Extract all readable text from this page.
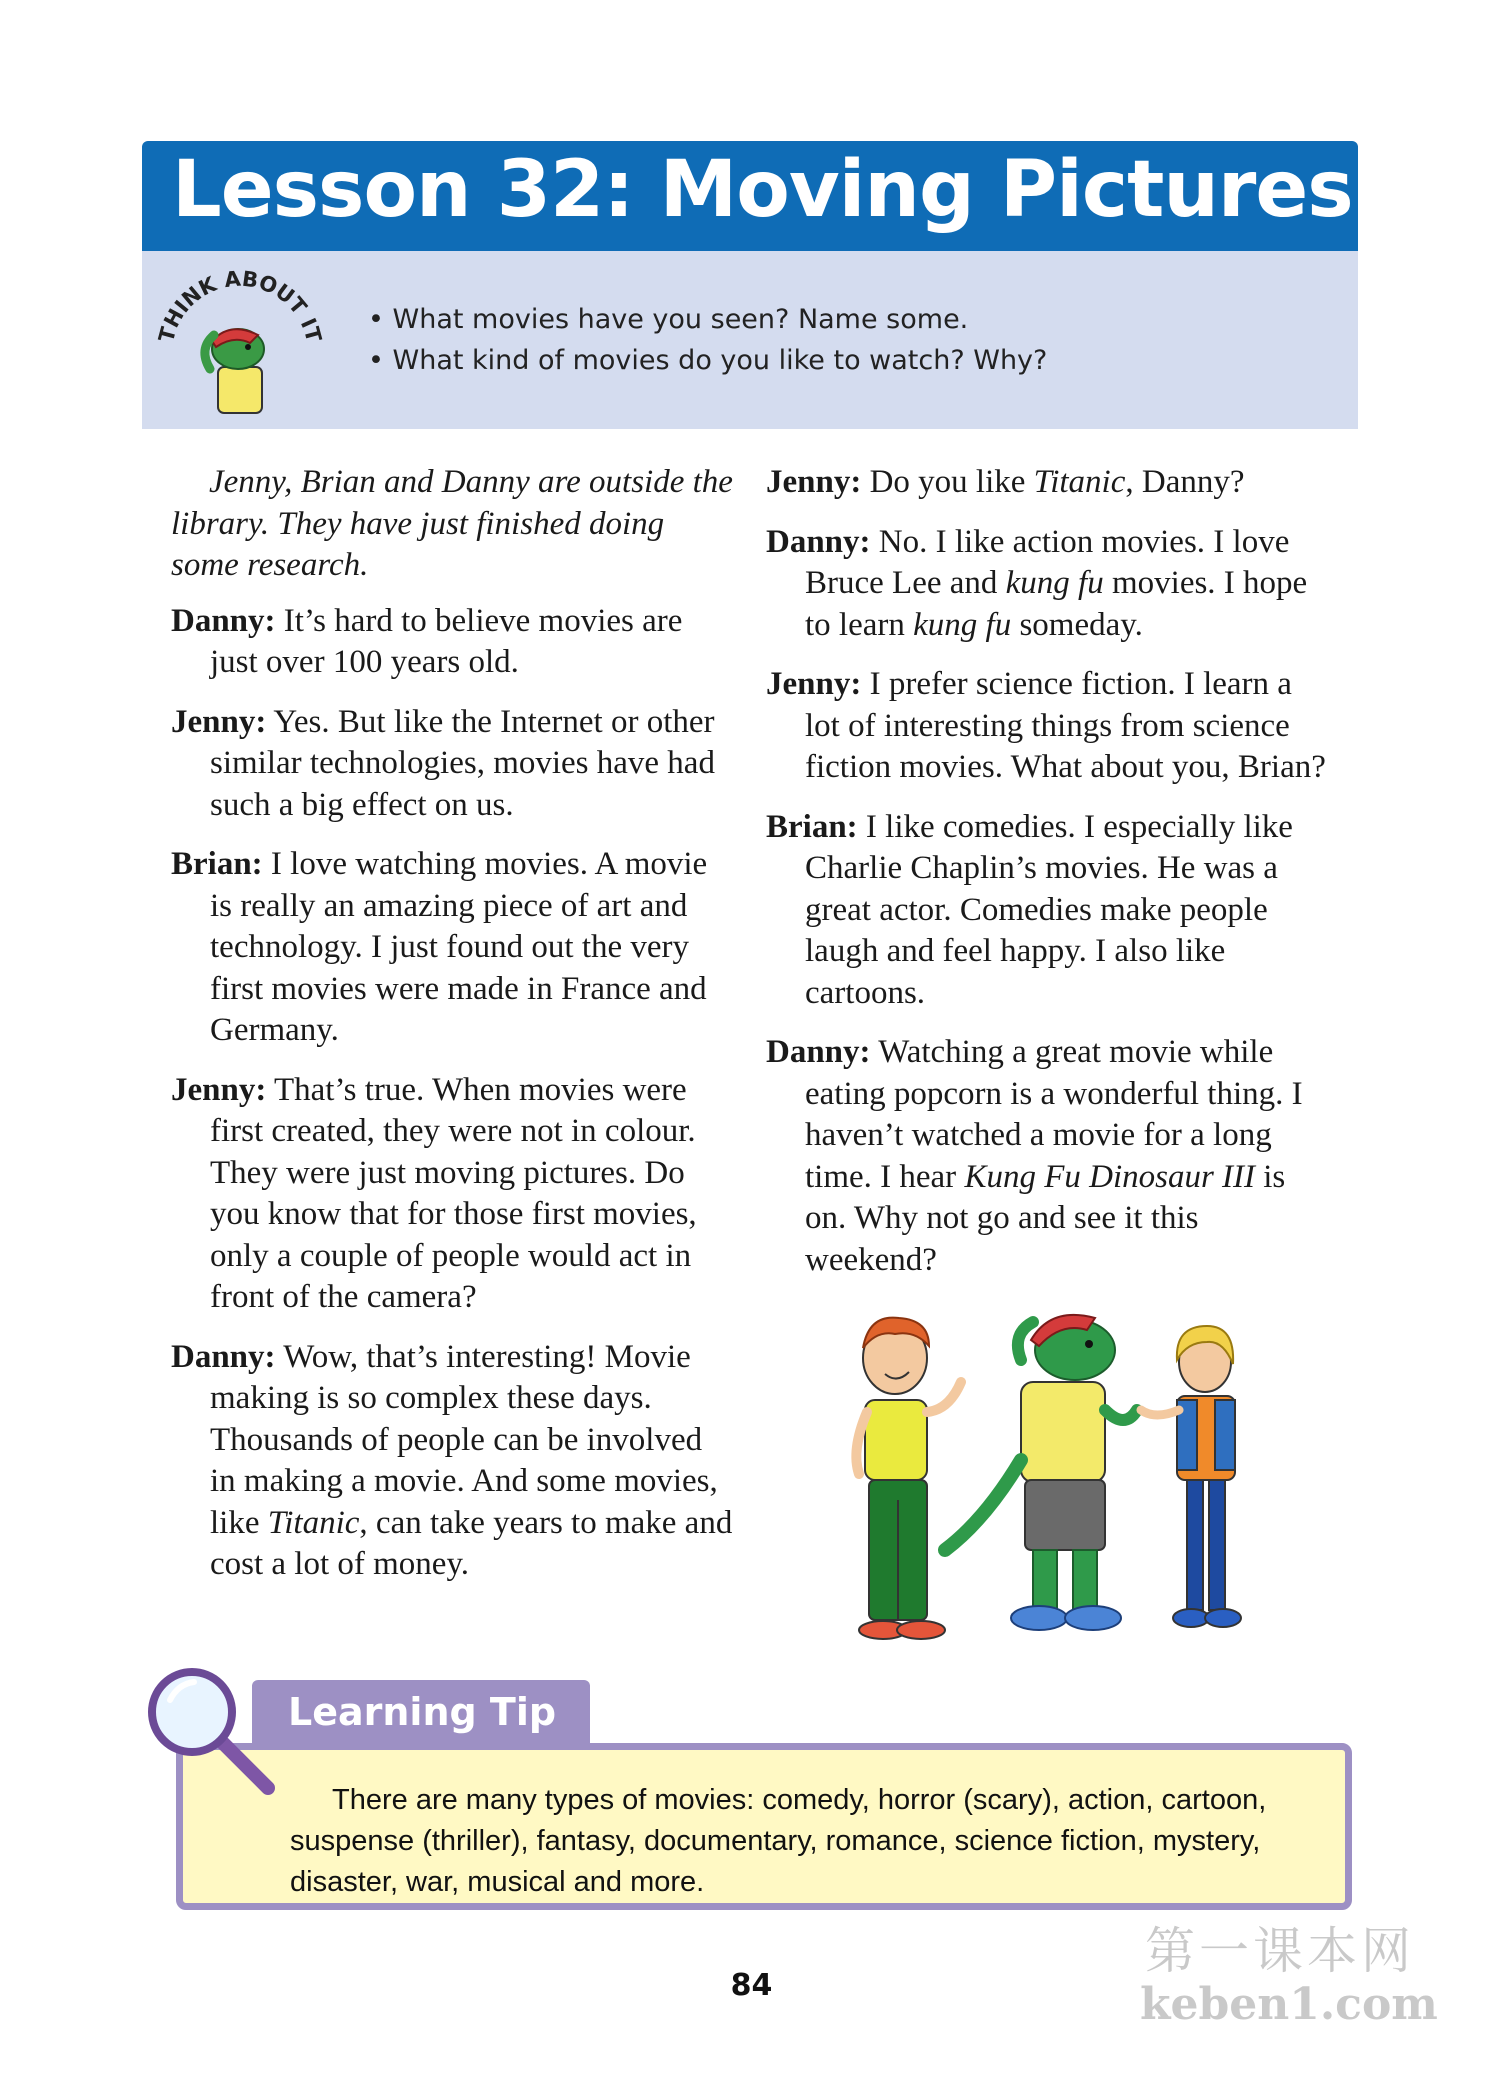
Lesson 32: Moving Pictures
THINK ABOUT IT
•	What movies have you seen? Name some.
• What kind of movies do you like to watch? Why?

Jenny, Brian and Danny are outside the library. They have just finished doing some research.

Danny: It’s hard to believe movies are just over 100 years old.

Jenny: Yes. But like the Internet or other similar technologies, movies have had such a big effect on us.

Brian: I love watching movies. A movie is really an amazing piece of art and technology. I just found out the very first movies were made in France and Germany.

Jenny: That’s true. When movies were first created, they were not in colour. They were just moving pictures. Do you know that for those first movies, only a couple of people would act in front of the camera?

Danny: Wow, that’s interesting! Movie making is so complex these days. Thousands of people can be involved in making a movie. And some movies, like Titanic, can take years to make and cost a lot of money.

Jenny: Do you like Titanic, Danny?

Danny: No. I like action movies. I love Bruce Lee and kung fu movies. I hope to learn kung fu someday.

Jenny: I prefer science fiction. I learn a lot of interesting things from science fiction movies. What about you, Brian?

Brian: I like comedies. I especially like Charlie Chaplin’s movies. He was a great actor. Comedies make people laugh and feel happy. I also like cartoons.

Danny: Watching a great movie while eating popcorn is a wonderful thing. I haven’t watched a movie for a long time. I hear Kung Fu Dinosaur III is on. Why not go and see it this weekend?

There are many types of movies: comedy, horror (scary), action, cartoon, suspense (thriller), fantasy, documentary, romance, science fiction, mystery, disaster, war, musical and more.

Learning Tip
84
第一课本网
keben1.com
